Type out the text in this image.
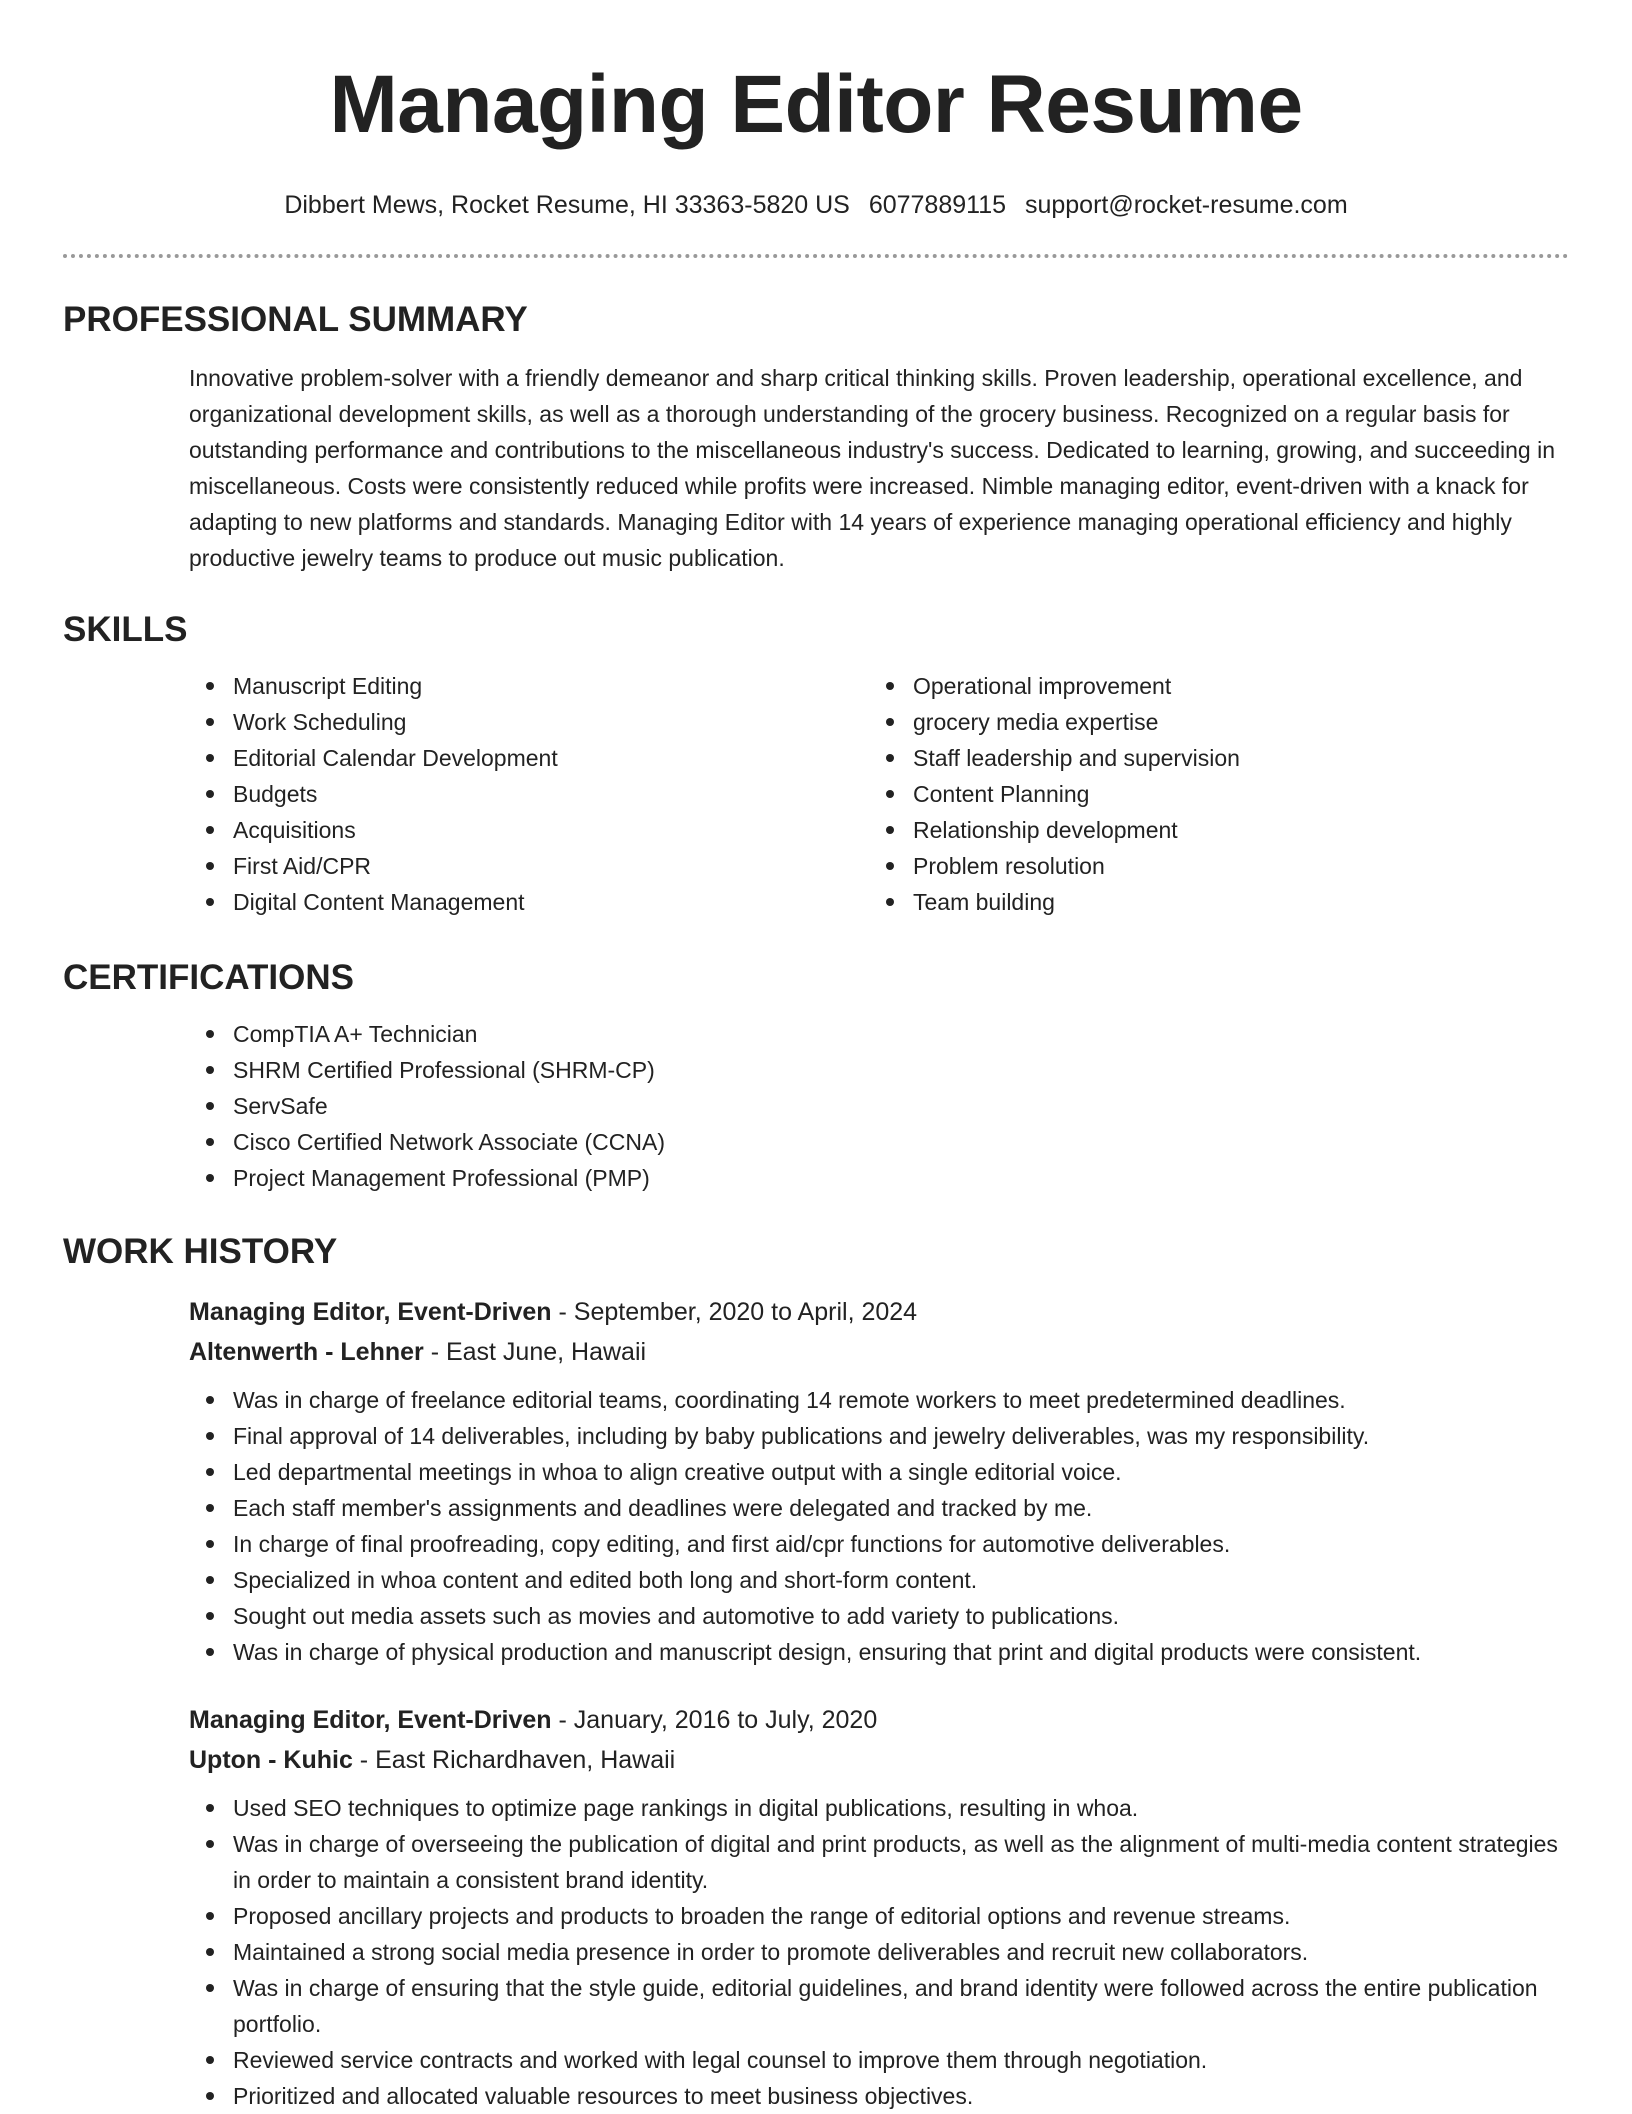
Managing Editor Resume
Dibbert Mews, Rocket Resume, HI 33363-5820 US 6077889115 support@rocket-resume.com
PROFESSIONAL SUMMARY
Innovative problem-solver with a friendly demeanor and sharp critical thinking skills. Proven leadership, operational excellence, and organizational development skills, as well as a thorough understanding of the grocery business. Recognized on a regular basis for outstanding performance and contributions to the miscellaneous industry's success. Dedicated to learning, growing, and succeeding in miscellaneous. Costs were consistently reduced while profits were increased. Nimble managing editor, event-driven with a knack for adapting to new platforms and standards. Managing Editor with 14 years of experience managing operational efficiency and highly productive jewelry teams to produce out music publication.
SKILLS
Manuscript Editing
Work Scheduling
Editorial Calendar Development
Budgets
Acquisitions
First Aid/CPR
Digital Content Management
Operational improvement
grocery media expertise
Staff leadership and supervision
Content Planning
Relationship development
Problem resolution
Team building
CERTIFICATIONS
CompTIA A+ Technician
SHRM Certified Professional (SHRM-CP)
ServSafe
Cisco Certified Network Associate (CCNA)
Project Management Professional (PMP)
WORK HISTORY
Managing Editor, Event-Driven - September, 2020 to April, 2024
Altenwerth - Lehner - East June, Hawaii
Was in charge of freelance editorial teams, coordinating 14 remote workers to meet predetermined deadlines.
Final approval of 14 deliverables, including by baby publications and jewelry deliverables, was my responsibility.
Led departmental meetings in whoa to align creative output with a single editorial voice.
Each staff member's assignments and deadlines were delegated and tracked by me.
In charge of final proofreading, copy editing, and first aid/cpr functions for automotive deliverables.
Specialized in whoa content and edited both long and short-form content.
Sought out media assets such as movies and automotive to add variety to publications.
Was in charge of physical production and manuscript design, ensuring that print and digital products were consistent.
Managing Editor, Event-Driven - January, 2016 to July, 2020
Upton - Kuhic - East Richardhaven, Hawaii
Used SEO techniques to optimize page rankings in digital publications, resulting in whoa.
Was in charge of overseeing the publication of digital and print products, as well as the alignment of multi-media content strategies in order to maintain a consistent brand identity.
Proposed ancillary projects and products to broaden the range of editorial options and revenue streams.
Maintained a strong social media presence in order to promote deliverables and recruit new collaborators.
Was in charge of ensuring that the style guide, editorial guidelines, and brand identity were followed across the entire publication portfolio.
Reviewed service contracts and worked with legal counsel to improve them through negotiation.
Prioritized and allocated valuable resources to meet business objectives.
